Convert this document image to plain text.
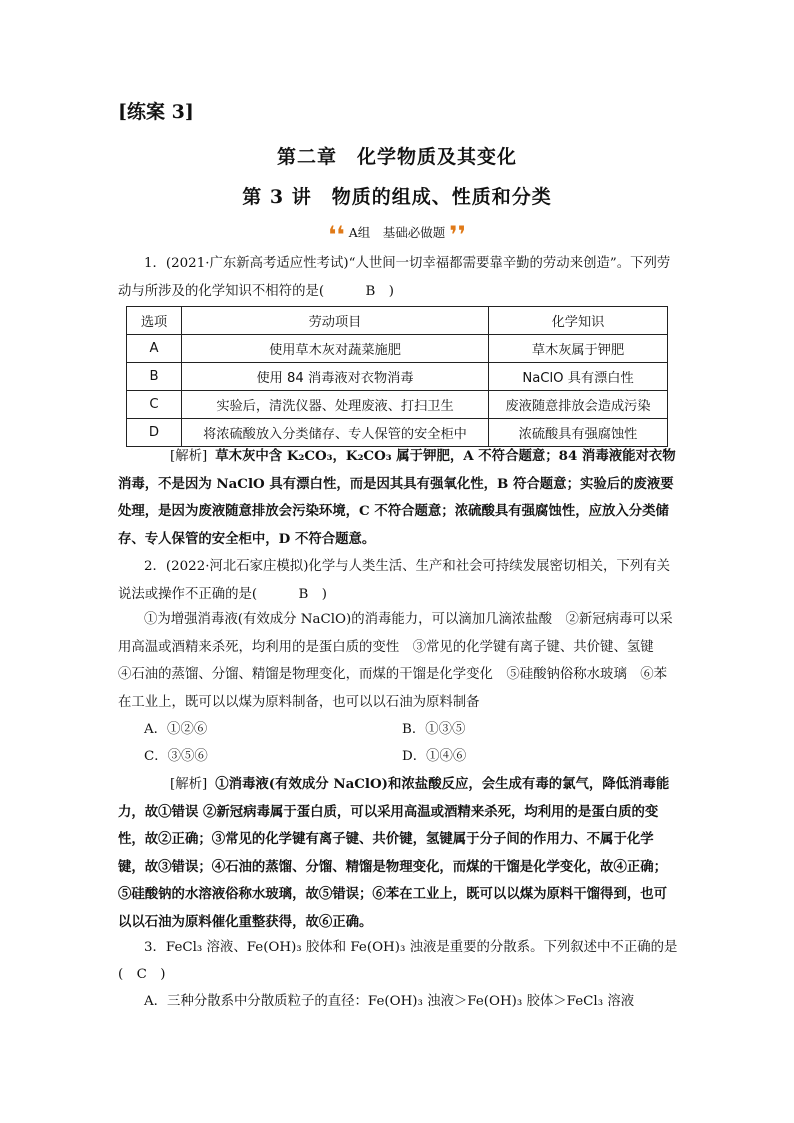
[练案 3]
第二章　化学物质及其变化
第 3 讲　物质的组成、性质和分类
❛❛ A组　基础必做题 ❜❜
1．(2021·广东新高考适应性考试)“人世间一切幸福都需要靠辛勤的劳动来创造”。下列劳动与所涉及的化学知识不相符的是(　	B　 )
选项	劳动项目	化学知识
A	使用草木灰对蔬菜施肥	草木灰属于钾肥
B	使用 84 消毒液对衣物消毒	NaClO 具有漂白性
C	实验后，清洗仪器、处理废液、打扫卫生	废液随意排放会造成污染
D	将浓硫酸放入分类储存、专人保管的安全柜中	浓硫酸具有强腐蚀性
[解析] 草木灰中含 K₂CO₃，K₂CO₃ 属于钾肥，A 不符合题意；84 消毒液能对衣物消毒，不是因为 NaClO 具有漂白性，而是因其具有强氧化性，B 符合题意；实验后的废液要处理，是因为废液随意排放会污染环境，C 不符合题意；浓硫酸具有强腐蚀性，应放入分类储存、专人保管的安全柜中，D 不符合题意。
2．(2022·河北石家庄模拟)化学与人类生活、生产和社会可持续发展密切相关，下列有关说法或操作不正确的是(　	B　 )
①为增强消毒液(有效成分 NaClO)的消毒能力，可以滴加几滴浓盐酸　②新冠病毒可以采用高温或酒精来杀死，均利用的是蛋白质的变性　③常见的化学键有离子键、共价键、氢键　④石油的蒸馏、分馏、精馏是物理变化，而煤的干馏是化学变化　⑤硅酸钠俗称水玻璃　⑥苯在工业上，既可以以煤为原料制备，也可以以石油为原料制备
A．①②⑥	B．①③⑤
C．③⑤⑥	D．①④⑥
[解析] ①消毒液(有效成分 NaClO)和浓盐酸反应，会生成有毒的氯气，降低消毒能力，故①错误 ②新冠病毒属于蛋白质，可以采用高温或酒精来杀死，均利用的是蛋白质的变性，故②正确；③常见的化学键有离子键、共价键，氢键属于分子间的作用力、不属于化学键，故③错误；④石油的蒸馏、分馏、精馏是物理变化，而煤的干馏是化学变化，故④正确；⑤硅酸钠的水溶液俗称水玻璃，故⑤错误；⑥苯在工业上，既可以以煤为原料干馏得到，也可以以石油为原料催化重整获得，故⑥正确。
3．FeCl₃ 溶液、Fe(OH)₃ 胶体和 Fe(OH)₃ 浊液是重要的分散系。下列叙述中不正确的是
(　C　)
A．三种分散系中分散质粒子的直径：Fe(OH)₃ 浊液＞Fe(OH)₃ 胶体＞FeCl₃ 溶液
